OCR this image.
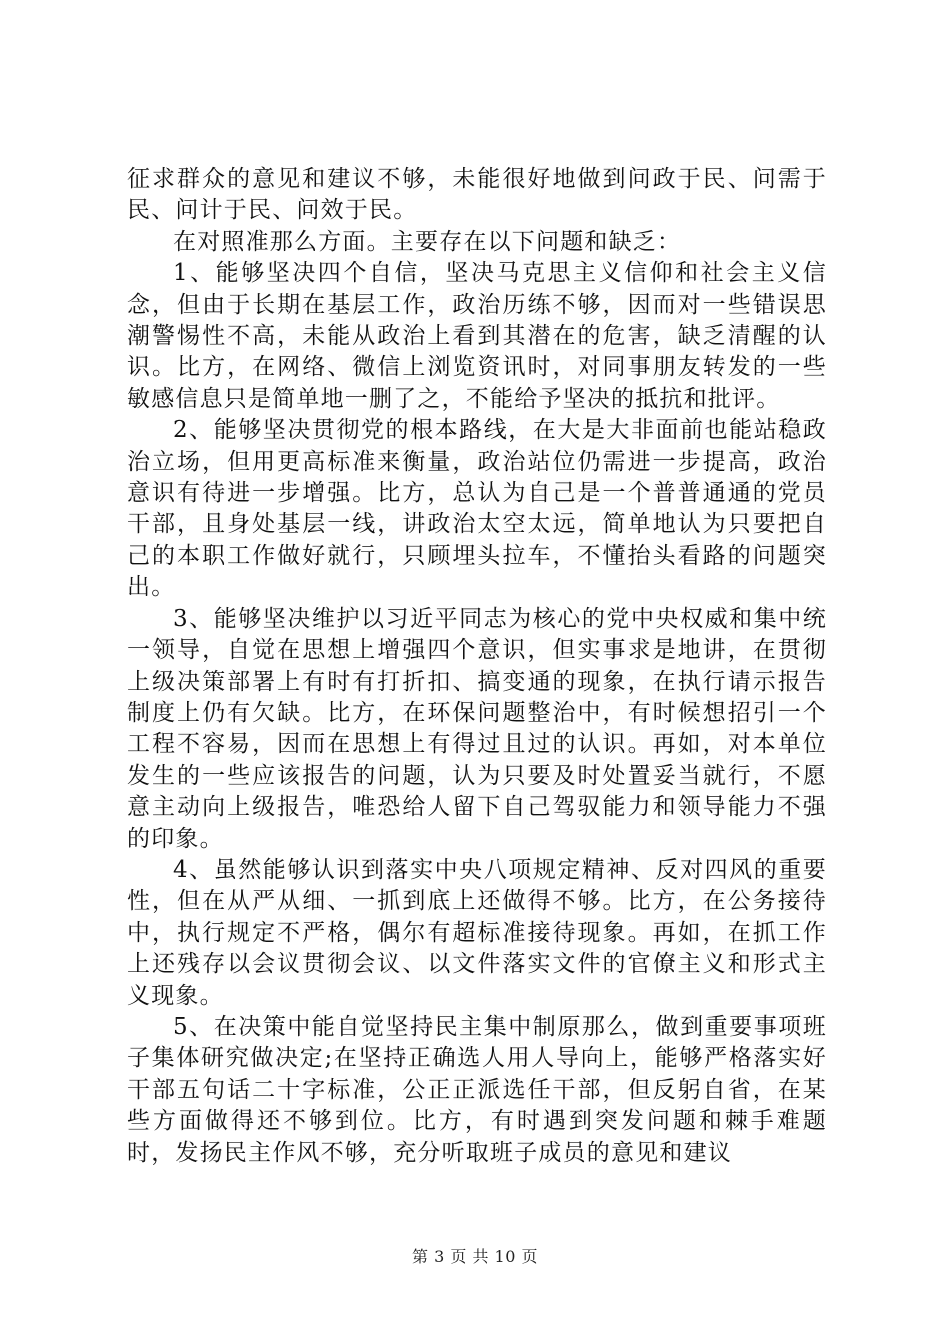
征求群众的意见和建议不够，未能很好地做到问政于民、问需于民、问计于民、问效于民。

在对照准那么方面。主要存在以下问题和缺乏：

1、能够坚决四个自信，坚决马克思主义信仰和社会主义信念，但由于长期在基层工作，政治历练不够，因而对一些错误思潮警惕性不高，未能从政治上看到其潜在的危害，缺乏清醒的认识。比方，在网络、微信上浏览资讯时，对同事朋友转发的一些敏感信息只是简单地一删了之，不能给予坚决的抵抗和批评。

2、能够坚决贯彻党的根本路线，在大是大非面前也能站稳政治立场，但用更高标准来衡量，政治站位仍需进一步提高，政治意识有待进一步增强。比方，总认为自己是一个普普通通的党员干部，且身处基层一线，讲政治太空太远，简单地认为只要把自己的本职工作做好就行，只顾埋头拉车，不懂抬头看路的问题突出。

3、能够坚决维护以习近平同志为核心的党中央权威和集中统一领导，自觉在思想上增强四个意识，但实事求是地讲，在贯彻上级决策部署上有时有打折扣、搞变通的现象，在执行请示报告制度上仍有欠缺。比方，在环保问题整治中，有时候想招引一个工程不容易，因而在思想上有得过且过的认识。再如，对本单位发生的一些应该报告的问题，认为只要及时处置妥当就行，不愿意主动向上级报告，唯恐给人留下自己驾驭能力和领导能力不强的印象。

4、虽然能够认识到落实中央八项规定精神、反对四风的重要性，但在从严从细、一抓到底上还做得不够。比方，在公务接待中，执行规定不严格，偶尔有超标准接待现象。再如，在抓工作上还残存以会议贯彻会议、以文件落实文件的官僚主义和形式主义现象。

5、在决策中能自觉坚持民主集中制原那么，做到重要事项班子集体研究做决定;在坚持正确选人用人导向上，能够严格落实好干部五句话二十字标准，公正正派选任干部，但反躬自省，在某些方面做得还不够到位。比方，有时遇到突发问题和棘手难题时，发扬民主作风不够，充分听取班子成员的意见和建议

第 3 页 共 10 页
